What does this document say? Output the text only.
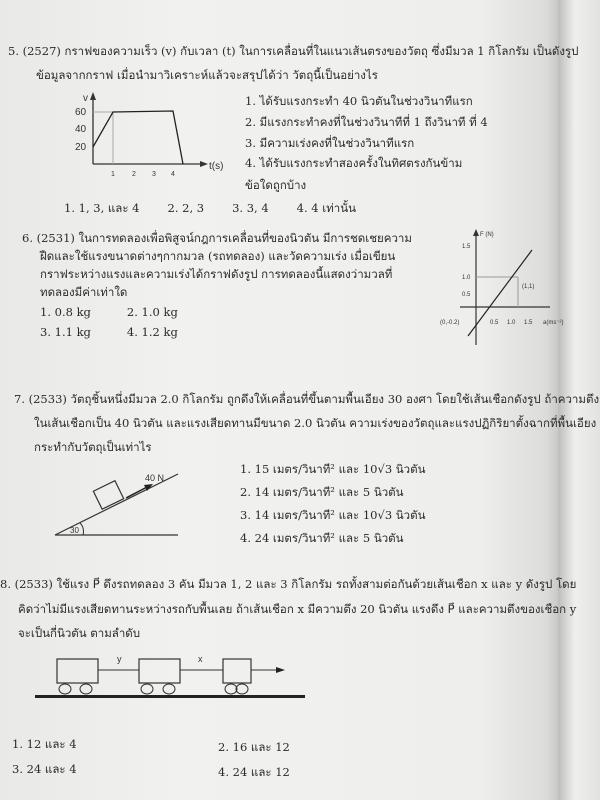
5. (2527) กราฟของความเร็ว (v) กับเวลา (t) ในการเคลื่อนที่ในแนวเส้นตรงของวัตถุ ซึ่งมีมวล 1 กิโลกรัม เป็นดังรูป
ข้อมูลจากกราฟ เมื่อนำมาวิเคราะห์แล้วจะสรุปได้ว่า วัตถุนี้เป็นอย่างไร
v
60
40
20
1 2 3 4
t(s)
1. ได้รับแรงกระทำ 40 นิวตันในช่วงวินาทีแรก
2. มีแรงกระทำคงที่ในช่วงวินาทีที่ 1 ถึงวินาที ที่ 4
3. มีความเร่งคงที่ในช่วงวินาทีแรก
4. ได้รับแรงกระทำสองครั้งในทิศตรงกันข้าม
ข้อใดถูกบ้าง
1. 1, 3, และ 4 2. 2, 3 3. 3, 4 4. 4 เท่านั้น
6. (2531) ในการทดลองเพื่อพิสูจน์กฎการเคลื่อนที่ของนิวตัน มีการชดเชยความ
ฝืดและใช้แรงขนาดต่างๆกากมวล (รถทดลอง) และวัดความเร่ง เมื่อเขียน
กราฟระหว่างแรงและความเร่งได้กราฟดังรูป การทดลองนี้แสดงว่ามวลที่
ทดลองมีค่าเท่าใด
1. 0.8 kg	2. 1.0 kg
3. 1.1 kg	4. 1.2 kg
F (N)
1.5
1.0
0.5
(1,1)
(0,-0.2)	0.5 1.0 1.5 a(ms⁻²)
7. (2533) วัตถุชิ้นหนึ่งมีมวล 2.0 กิโลกรัม ถูกดึงให้เคลื่อนที่ขึ้นตามพื้นเอียง 30 องศา โดยใช้เส้นเชือกดังรูป ถ้าความตึง
ในเส้นเชือกเป็น 40 นิวตัน และแรงเสียดทานมีขนาด 2.0 นิวตัน ความเร่งของวัตถุและแรงปฏิกิริยาตั้งฉากที่พื้นเอียง
กระทำกับวัตถุเป็นเท่าไร
40 N
30
1. 15 เมตร/วินาที² และ 10√3 นิวตัน
2. 14 เมตร/วินาที² และ 5 นิวตัน
3. 14 เมตร/วินาที² และ 10√3 นิวตัน
4. 24 เมตร/วินาที² และ 5 นิวตัน
8. (2533) ใช้แรง P⃗ ดึงรถทดลอง 3 คัน มีมวล 1, 2 และ 3 กิโลกรัม รถทั้งสามต่อกันด้วยเส้นเชือก x และ y ดังรูป โดย
คิดว่าไม่มีแรงเสียดทานระหว่างรถกับพื้นเลย ถ้าเส้นเชือก x มีความตึง 20 นิวตัน แรงดึง P⃗ และความตึงของเชือก y
จะเป็นกี่นิวตัน ตามลำดับ
y	x
1. 12 และ 4	2. 16 และ 12
3. 24 และ 4	4. 24 และ 12
